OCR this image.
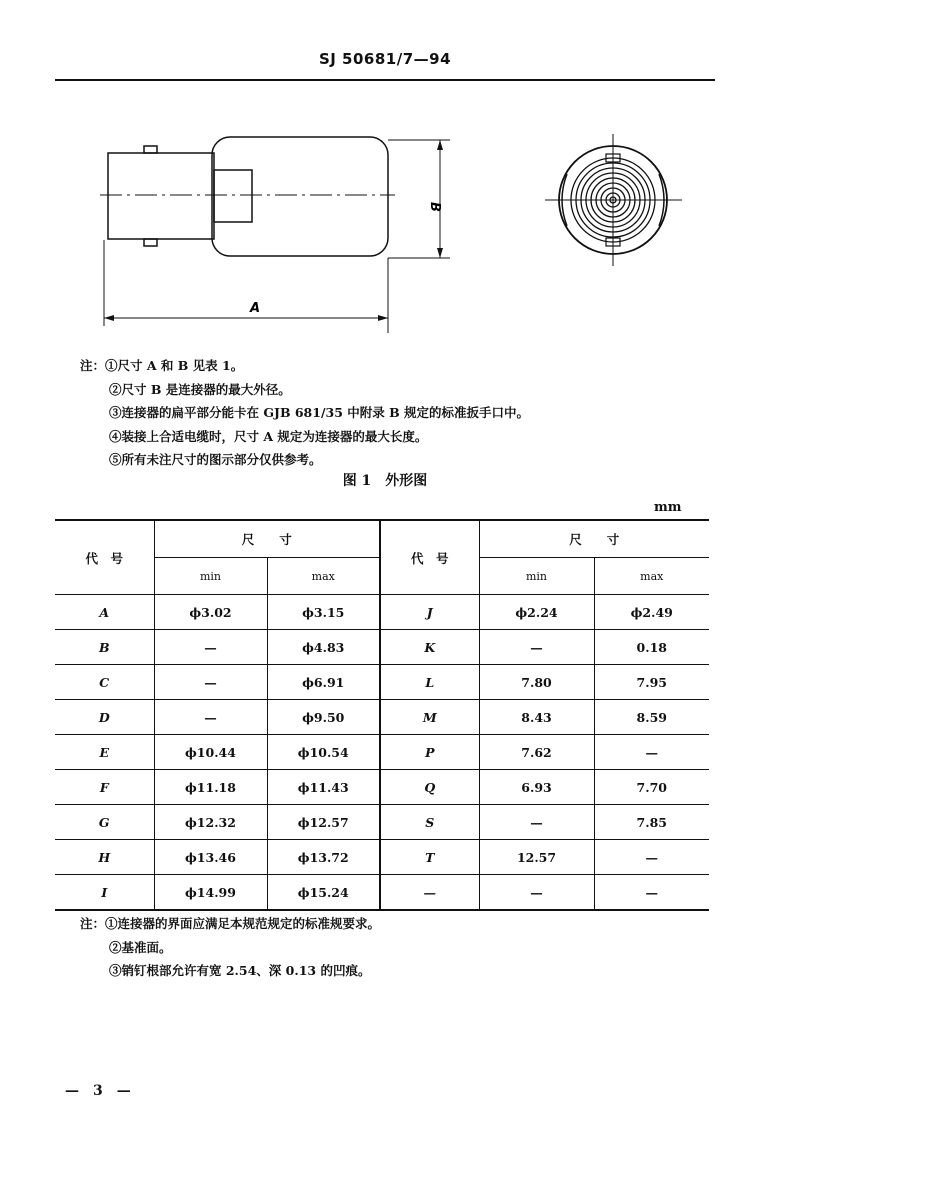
SJ 50681/7—94
A
B
注：①尺寸 A 和 B 见表 1。
②尺寸 B 是连接器的最大外径。
③连接器的扁平部分能卡在 GJB 681/35 中附录 B 规定的标准扳手口中。
④装接上合适电缆时，尺寸 A 规定为连接器的最大长度。
⑤所有未注尺寸的图示部分仅供参考。
图 1　外形图
mm
代　号	尺　　寸		代　号	尺　　寸	
	min	max		min	max
A	ϕ3.02	ϕ3.15	J	ϕ2.24	ϕ2.49
B	—	ϕ4.83	K	—	0.18
C	—	ϕ6.91	L	7.80	7.95
D	—	ϕ9.50	M	8.43	8.59
E	ϕ10.44	ϕ10.54	P	7.62	—
F	ϕ11.18	ϕ11.43	Q	6.93	7.70
G	ϕ12.32	ϕ12.57	S	—	7.85
H	ϕ13.46	ϕ13.72	T	12.57	—
I	ϕ14.99	ϕ15.24	—	—	—
注：①连接器的界面应满足本规范规定的标准规要求。
②基准面。
③销钉根部允许有宽 2.54、深 0.13 的凹痕。
—　3　—
